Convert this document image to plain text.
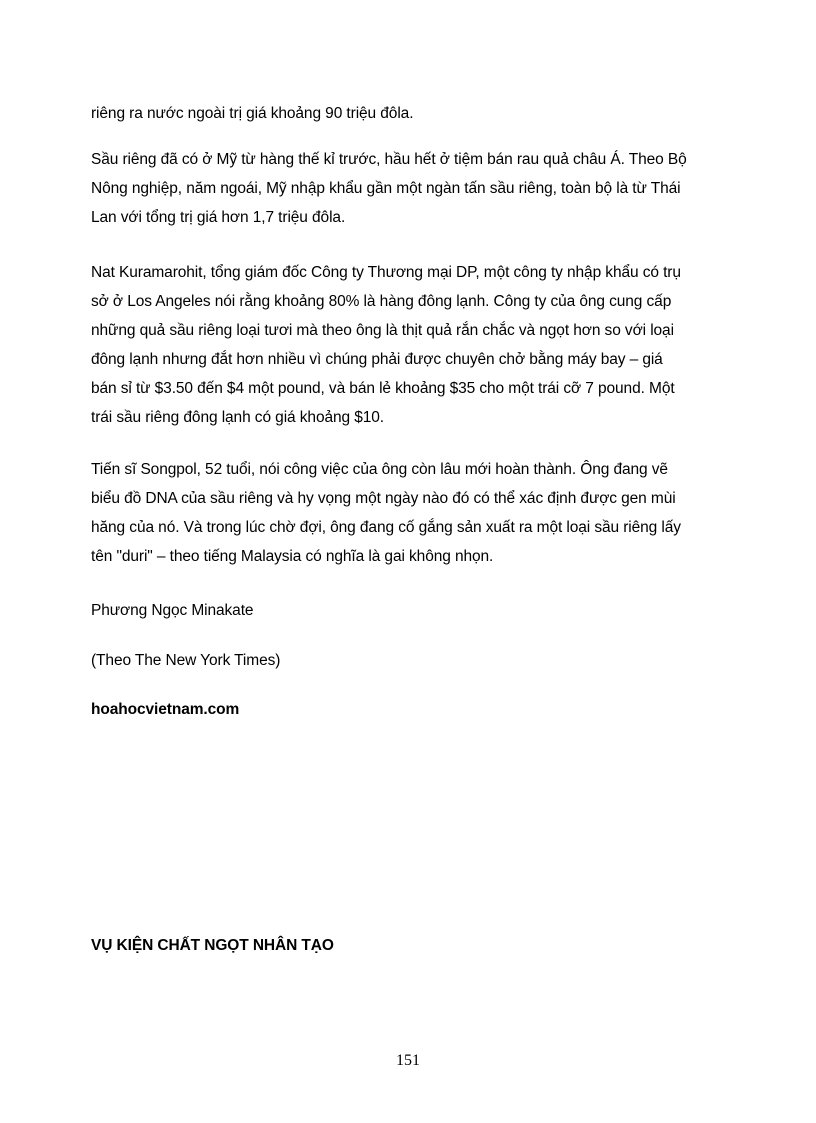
riêng ra nước ngoài trị giá khoảng 90 triệu đôla.
Sầu riêng đã có ở Mỹ từ hàng thế kỉ trước, hầu hết ở tiệm bán rau quả châu Á. Theo Bộ
Nông nghiệp, năm ngoái, Mỹ nhập khẩu gần một ngàn tấn sầu riêng, toàn bộ là từ Thái
Lan với tổng trị giá hơn 1,7 triệu đôla.
Nat Kuramarohit, tổng giám đốc Công ty Thương mại DP, một công ty nhập khẩu có trụ
sở ở Los Angeles nói rằng khoảng 80% là hàng đông lạnh. Công ty của ông cung cấp
những quả sầu riêng loại tươi mà theo ông là thịt quả rắn chắc và ngọt hơn so với loại
đông lạnh nhưng đắt hơn nhiều vì chúng phải được chuyên chở bằng máy bay – giá
bán sỉ từ $3.50 đến $4 một pound, và bán lẻ khoảng $35 cho một trái cỡ 7 pound. Một
trái sầu riêng đông lạnh có giá khoảng $10.
Tiến sĩ Songpol, 52 tuổi, nói công việc của ông còn lâu mới hoàn thành. Ông đang vẽ
biểu đồ DNA của sầu riêng và hy vọng một ngày nào đó có thể xác định được gen mùi
hăng của nó. Và trong lúc chờ đợi, ông đang cố gắng sản xuất ra một loại sầu riêng lấy
tên "duri" – theo tiếng Malaysia có nghĩa là gai không nhọn.
Phương Ngọc Minakate
(Theo The New York Times)
hoahocvietnam.com
VỤ KIỆN CHẤT NGỌT NHÂN TẠO
151
